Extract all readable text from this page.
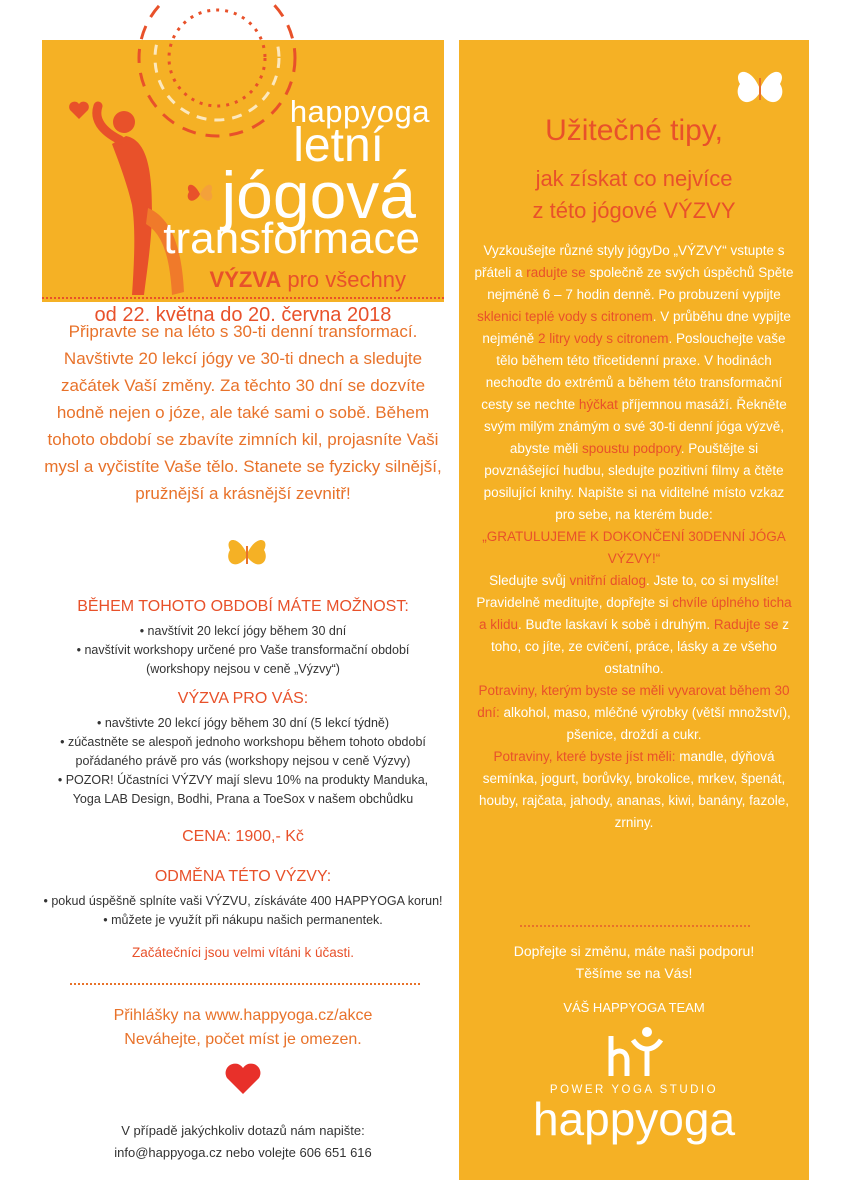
happyoga
letní
jógová
transformace
VÝZVA pro všechny
od 22. května do 20. června 2018
Připravte se na léto s 30-ti denní transformací. Navštivte 20 lekcí jógy ve 30-ti dnech a sledujte začátek Vaší změny. Za těchto 30 dní se dozvíte hodně nejen o józe, ale také sami o sobě. Během tohoto období se zbavíte zimních kil, projasníte Vaši mysl a vyčistíte Vaše tělo. Stanete se fyzicky silnější, pružnější a krásnější zevnitř!
BĚHEM TOHOTO OBDOBÍ MÁTE MOŽNOST:
• navštívit 20 lekcí jógy během 30 dní
• navštívit workshopy určené pro Vaše transformační období
(workshopy nejsou v ceně „Výzvy“)
VÝZVA PRO VÁS:
• navštivte 20 lekcí jógy během 30 dní (5 lekcí týdně)
• zúčastněte se alespoň jednoho workshopu během tohoto období
pořádaného právě pro vás (workshopy nejsou v ceně Výzvy)
• POZOR! Účastníci VÝZVY mají slevu 10% na produkty Manduka,
Yoga LAB Design, Bodhi, Prana a ToeSox v našem obchůdku
CENA: 1900,- Kč
ODMĚNA TÉTO VÝZVY:
• pokud úspěšně splníte vaši VÝZVU, získáváte 400 HAPPYOGA korun!
• můžete je využít při nákupu našich permanentek.
Začátečníci jsou velmi vítáni k účasti.
Přihlášky na www.happyoga.cz/akce
Neváhejte, počet míst je omezen.
V případě jakýchkoliv dotazů nám napište:
info@happyoga.cz nebo volejte 606 651 616
Užitečné tipy,
jak získat co nejvíce
z této jógové VÝZVY
Vyzkoušejte různé styly jógyDo „VÝZVY“ vstupte s přáteli a radujte se společně ze svých úspěchů Spěte nejméně 6 – 7 hodin denně. Po probuzení vypijte sklenici teplé vody s citronem. V průběhu dne vypijte nejméně 2 litry vody s citronem. Poslouchejte vaše tělo během této třicetidenní praxe. V hodinách nechoďte do extrémů a během této transformační cesty se nechte hýčkat příjemnou masáží. Řekněte svým milým známým o své 30-ti denní jóga výzvě, abyste měli spoustu podpory. Pouštějte si povznášející hudbu, sledujte pozitivní filmy a čtěte posilující knihy. Napište si na viditelné místo vzkaz pro sebe, na kterém bude:
„GRATULUJEME K DOKONČENÍ 30DENNÍ JÓGA VÝZVY!“
Sledujte svůj vnitřní dialog. Jste to, co si myslíte! Pravidelně meditujte, dopřejte si chvíle úplného ticha a klidu. Buďte laskaví k sobě i druhým. Radujte se z toho, co jíte, ze cvičení, práce, lásky a ze všeho ostatního.
Potraviny, kterým byste se měli vyvarovat během 30 dní: alkohol, maso, mléčné výrobky (větší množství), pšenice, droždí a cukr.
Potraviny, které byste jíst měli: mandle, dýňová semínka, jogurt, borůvky, brokolice, mrkev, špenát, houby, rajčata, jahody, ananas, kiwi, banány, fazole, zrniny.
Dopřejte si změnu, máte naši podporu!
Těšíme se na Vás!
VÁŠ HAPPYOGA TEAM
POWER YOGA STUDIO
happyoga
